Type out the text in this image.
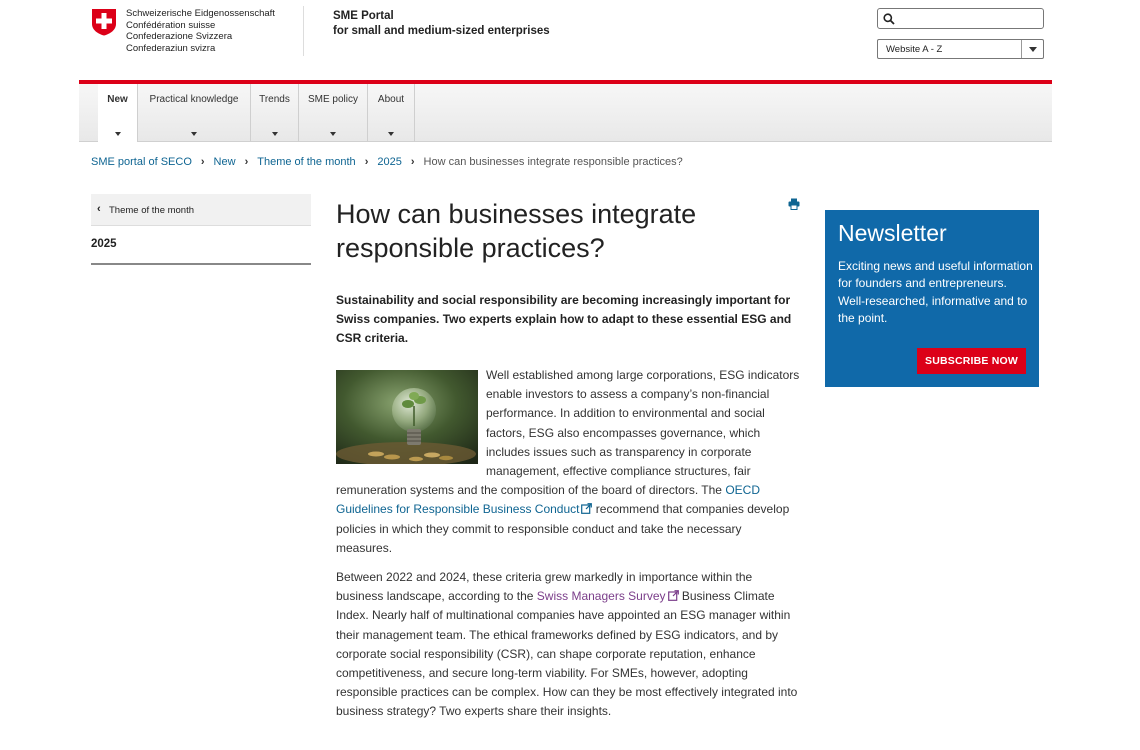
Schweizerische Eidgenossenschaft
Confédération suisse
Confederazione Svizzera
Confederaziun svizra
SME Portal
for small and medium-sized enterprises
Website A - Z
New	Practical knowledge	Trends	SME policy	About
SME portal of SECO › New › Theme of the month › 2025 › How can businesses integrate responsible practices?
‹ Theme of the month
2025
How can businesses integrate responsible practices?

Sustainability and social responsibility are becoming increasingly important for Swiss companies. Two experts explain how to adapt to these essential ESG and CSR criteria.

Well established among large corporations, ESG indicators enable investors to assess a company’s non-financial performance. In addition to environmental and social factors, ESG also encompasses governance, which includes issues such as transparency in corporate management, effective compliance structures, fair remuneration systems and the composition of the board of directors. The OECD Guidelines for Responsible Business Conduct recommend that companies develop policies in which they commit to responsible conduct and take the necessary measures.
Between 2022 and 2024, these criteria grew markedly in importance within the business landscape, according to the Swiss Managers Survey Business Climate Index. Nearly half of multinational companies have appointed an ESG manager within their management team. The ethical frameworks defined by ESG indicators, and by corporate social responsibility (CSR), can shape corporate reputation, enhance competitiveness, and secure long-term viability. For SMEs, however, adopting responsible practices can be complex. How can they be most effectively integrated into business strategy? Two experts share their insights.
Newsletter
Exciting news and useful information for founders and entrepreneurs. Well-researched, informative and to the point.
SUBSCRIBE NOW
